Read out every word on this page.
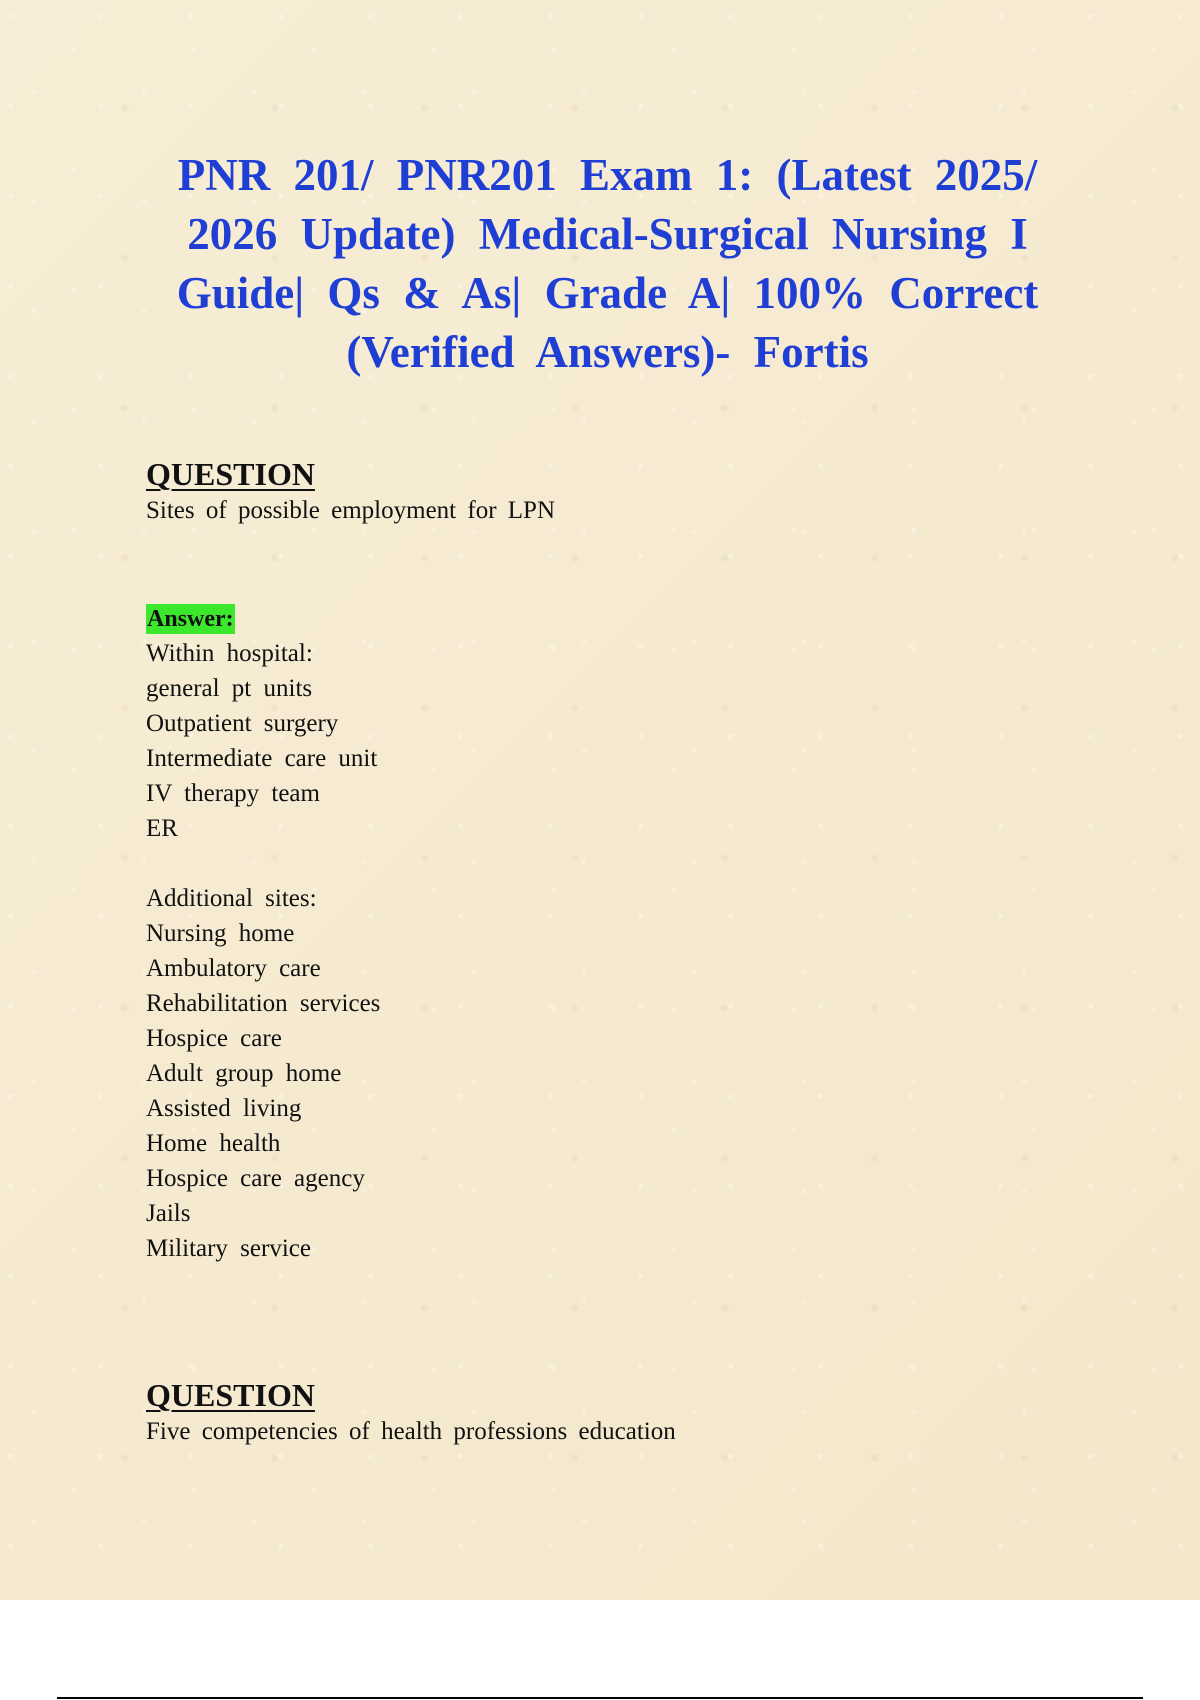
PNR 201/ PNR201 Exam 1: (Latest 2025/ 2026 Update) Medical-Surgical Nursing I Guide| Qs & As| Grade A| 100% Correct (Verified Answers)- Fortis
QUESTION
Sites of possible employment for LPN
Answer:
Within hospital:
general pt units
Outpatient surgery
Intermediate care unit
IV therapy team
ER
Additional sites:
Nursing home
Ambulatory care
Rehabilitation services
Hospice care
Adult group home
Assisted living
Home health
Hospice care agency
Jails
Military service
QUESTION
Five competencies of health professions education
